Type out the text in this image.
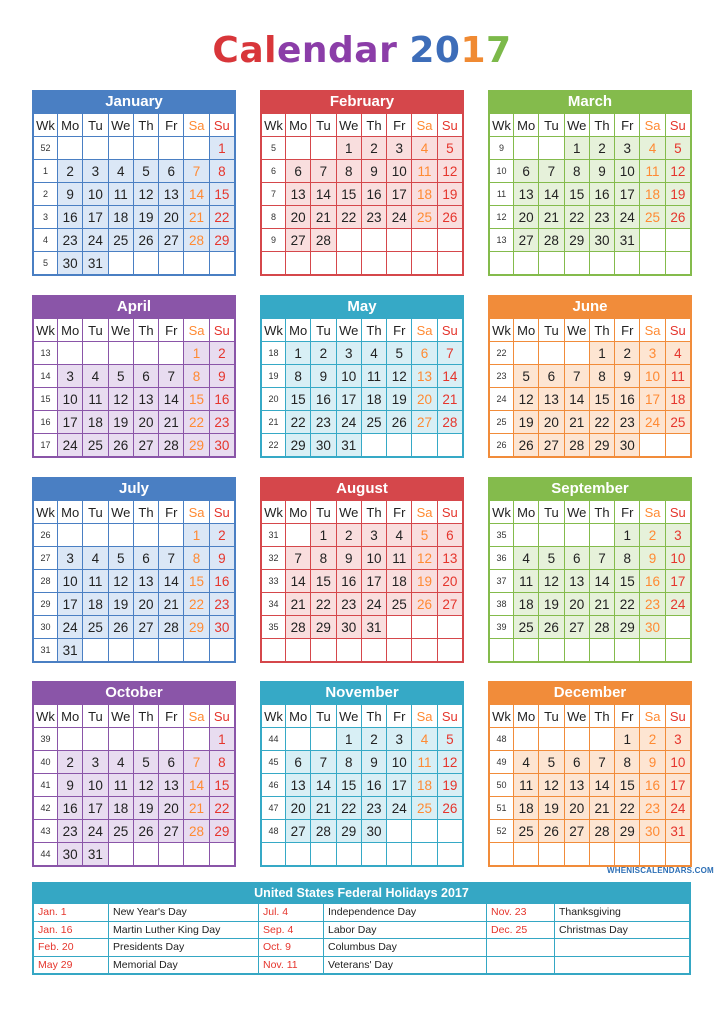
Calendar 2017
January
Wk	Mo	Tu	We	Th	Fr	Sa	Su
52							1
1	2	3	4	5	6	7	8
2	9	10	11	12	13	14	15
3	16	17	18	19	20	21	22
4	23	24	25	26	27	28	29
5	30	31					
February
Wk	Mo	Tu	We	Th	Fr	Sa	Su
5			1	2	3	4	5
6	6	7	8	9	10	11	12
7	13	14	15	16	17	18	19
8	20	21	22	23	24	25	26
9	27	28					

March
Wk	Mo	Tu	We	Th	Fr	Sa	Su
9			1	2	3	4	5
10	6	7	8	9	10	11	12
11	13	14	15	16	17	18	19
12	20	21	22	23	24	25	26
13	27	28	29	30	31		

April
Wk	Mo	Tu	We	Th	Fr	Sa	Su
13						1	2
14	3	4	5	6	7	8	9
15	10	11	12	13	14	15	16
16	17	18	19	20	21	22	23
17	24	25	26	27	28	29	30
May
Wk	Mo	Tu	We	Th	Fr	Sa	Su
18	1	2	3	4	5	6	7
19	8	9	10	11	12	13	14
20	15	16	17	18	19	20	21
21	22	23	24	25	26	27	28
22	29	30	31				
June
Wk	Mo	Tu	We	Th	Fr	Sa	Su
22				1	2	3	4
23	5	6	7	8	9	10	11
24	12	13	14	15	16	17	18
25	19	20	21	22	23	24	25
26	26	27	28	29	30		
July
Wk	Mo	Tu	We	Th	Fr	Sa	Su
26						1	2
27	3	4	5	6	7	8	9
28	10	11	12	13	14	15	16
29	17	18	19	20	21	22	23
30	24	25	26	27	28	29	30
31	31						
August
Wk	Mo	Tu	We	Th	Fr	Sa	Su
31		1	2	3	4	5	6
32	7	8	9	10	11	12	13
33	14	15	16	17	18	19	20
34	21	22	23	24	25	26	27
35	28	29	30	31			

September
Wk	Mo	Tu	We	Th	Fr	Sa	Su
35					1	2	3
36	4	5	6	7	8	9	10
37	11	12	13	14	15	16	17
38	18	19	20	21	22	23	24
39	25	26	27	28	29	30	

October
Wk	Mo	Tu	We	Th	Fr	Sa	Su
39							1
40	2	3	4	5	6	7	8
41	9	10	11	12	13	14	15
42	16	17	18	19	20	21	22
43	23	24	25	26	27	28	29
44	30	31					
November
Wk	Mo	Tu	We	Th	Fr	Sa	Su
44			1	2	3	4	5
45	6	7	8	9	10	11	12
46	13	14	15	16	17	18	19
47	20	21	22	23	24	25	26
48	27	28	29	30			

December
Wk	Mo	Tu	We	Th	Fr	Sa	Su
48					1	2	3
49	4	5	6	7	8	9	10
50	11	12	13	14	15	16	17
51	18	19	20	21	22	23	24
52	25	26	27	28	29	30	31

WHENISCALENDARS.COM
United States Federal Holidays 2017
Jan. 1	New Year's Day	Jul. 4	Independence Day	Nov. 23	Thanksgiving
Jan. 16	Martin Luther King Day	Sep. 4	Labor Day	Dec. 25	Christmas Day
Feb. 20	Presidents Day	Oct. 9	Columbus Day		
May 29	Memorial Day	Nov. 11	Veterans' Day		
